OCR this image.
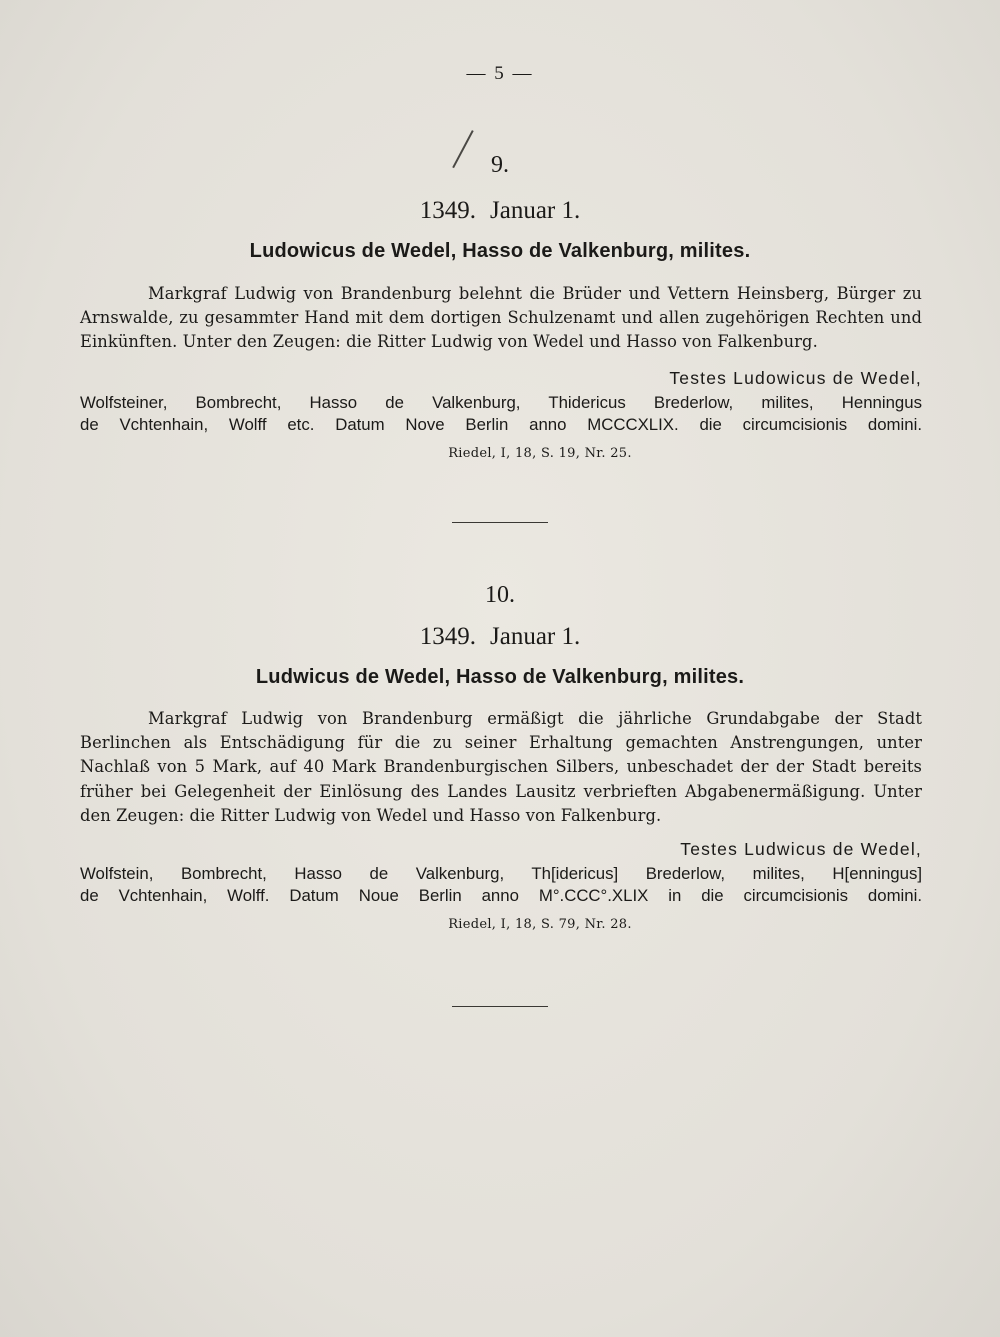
— 5 —
9.
1349. Januar 1.
Ludowicus de Wedel, Hasso de Valkenburg, milites.
Markgraf Ludwig von Brandenburg belehnt die Brüder und Vettern Heinsberg, Bürger zu Arnswalde, zu gesammter Hand mit dem dortigen Schulzenamt und allen zugehörigen Rechten und Einkünften. Unter den Zeugen: die Ritter Ludwig von Wedel und Hasso von Falkenburg.
Testes Ludowicus de Wedel,
Wolfsteiner, Bombrecht, Hasso de Valkenburg, Thidericus Brederlow, milites, Henningus
de Vchtenhain, Wolff etc. Datum Nove Berlin anno MCCCXLIX. die circumcisionis domini.
Riedel, I, 18, S. 19, Nr. 25.
10.
1349. Januar 1.
Ludwicus de Wedel, Hasso de Valkenburg, milites.
Markgraf Ludwig von Brandenburg ermäßigt die jährliche Grundabgabe der Stadt Berlinchen als Entschädigung für die zu seiner Erhaltung gemachten Anstrengungen, unter Nachlaß von 5 Mark, auf 40 Mark Brandenburgischen Silbers, unbeschadet der der Stadt bereits früher bei Gelegenheit der Einlösung des Landes Lausitz verbrieften Abgabenermäßigung. Unter den Zeugen: die Ritter Ludwig von Wedel und Hasso von Falkenburg.
Testes Ludwicus de Wedel,
Wolfstein, Bombrecht, Hasso de Valkenburg, Th[idericus] Brederlow, milites, H[enningus]
de Vchtenhain, Wolff. Datum Noue Berlin anno M°.CCC°.XLIX in die circumcisionis domini.
Riedel, I, 18, S. 79, Nr. 28.
